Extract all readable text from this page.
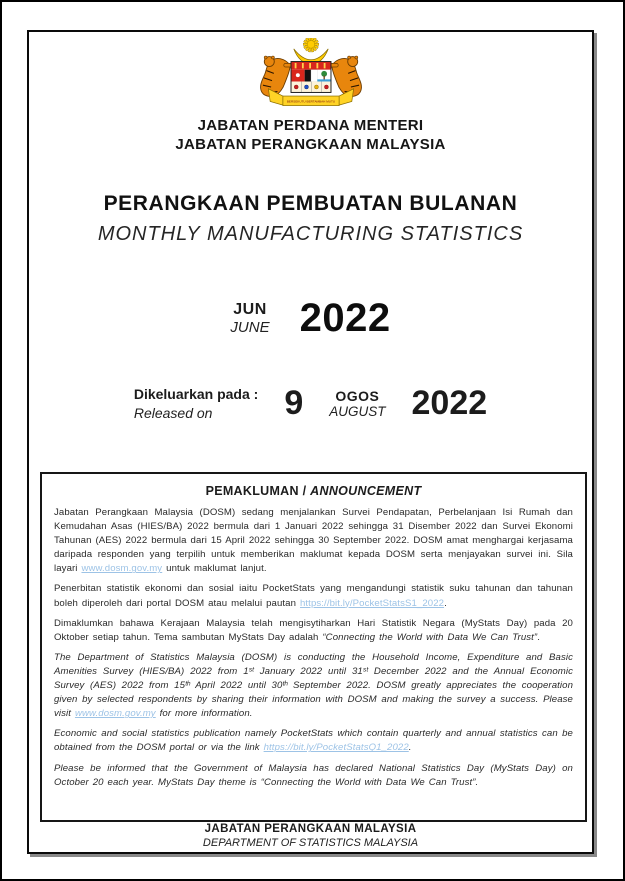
BERSEKUTU BERTAMBAH MUTU
JABATAN PERDANA MENTERI
JABATAN PERANGKAAN MALAYSIA
PERANGKAAN PEMBUATAN BULANAN
MONTHLY MANUFACTURING STATISTICS
JUN
JUNE 2022
Dikeluarkan pada :
Released on	9	OGOS
AUGUST 2022
PEMAKLUMAN / ANNOUNCEMENT
Jabatan Perangkaan Malaysia (DOSM) sedang menjalankan Survei Pendapatan, Perbelanjaan Isi Rumah dan Kemudahan Asas (HIES/BA) 2022 bermula dari 1 Januari 2022 sehingga 31 Disember 2022 dan Survei Ekonomi Tahunan (AES) 2022 bermula dari 15 April 2022 sehingga 30 September 2022. DOSM amat menghargai kerjasama daripada responden yang terpilih untuk memberikan maklumat kepada DOSM serta menjayakan survei ini. Sila layari www.dosm.gov.my untuk maklumat lanjut.
Penerbitan statistik ekonomi dan sosial iaitu PocketStats yang mengandungi statistik suku tahunan dan tahunan boleh diperoleh dari portal DOSM atau melalui pautan https://bit.ly/PocketStatsS1_2022.
Dimaklumkan bahawa Kerajaan Malaysia telah mengisytiharkan Hari Statistik Negara (MyStats Day) pada 20 Oktober setiap tahun. Tema sambutan MyStats Day adalah “Connecting the World with Data We Can Trust”.
The Department of Statistics Malaysia (DOSM) is conducting the Household Income, Expenditure and Basic Amenities Survey (HIES/BA) 2022 from 1ˢᵗ January 2022 until 31ˢᵗ December 2022 and the Annual Economic Survey (AES) 2022 from 15ᵗʰ April 2022 until 30ᵗʰ September 2022. DOSM greatly appreciates the cooperation given by selected respondents by sharing their information with DOSM and making the survey a success. Please visit www.dosm.gov.my for more information.
Economic and social statistics publication namely PocketStats which contain quarterly and annual statistics can be obtained from the DOSM portal or via the link https://bit.ly/PocketStatsQ1_2022.
Please be informed that the Government of Malaysia has declared National Statistics Day (MyStats Day) on October 20 each year. MyStats Day theme is “Connecting the World with Data We Can Trust”.
JABATAN PERANGKAAN MALAYSIA
DEPARTMENT OF STATISTICS MALAYSIA
